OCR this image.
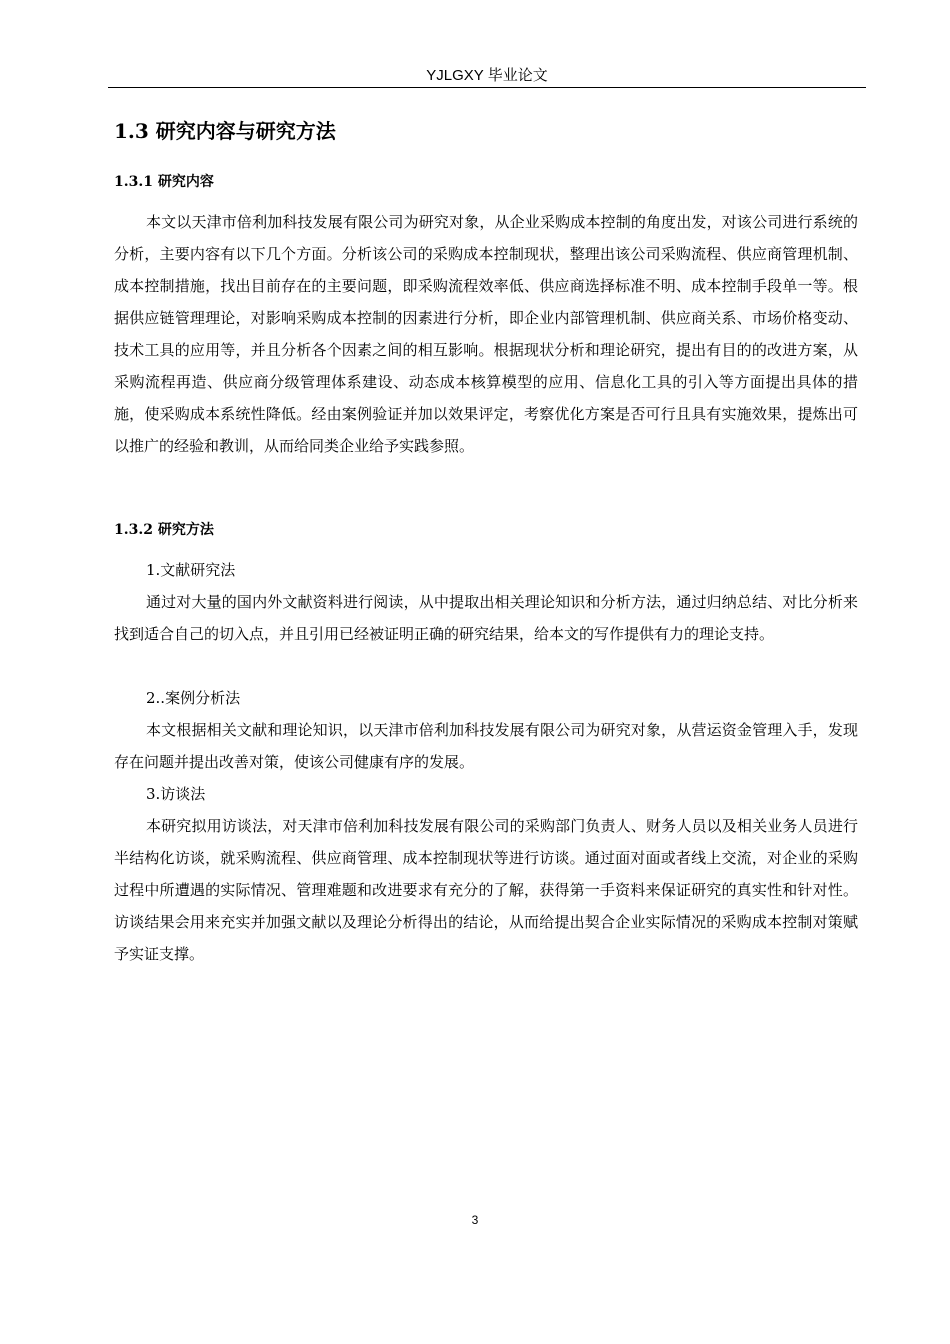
YJLGXY 毕业论文
1.3 研究内容与研究方法
1.3.1 研究内容

本文以天津市倍利加科技发展有限公司为研究对象，从企业采购成本控制的角度出发，对该公司进行系统的分析，主要内容有以下几个方面。分析该公司的采购成本控制现状，整理出该公司采购流程、供应商管理机制、成本控制措施，找出目前存在的主要问题，即采购流程效率低、供应商选择标准不明、成本控制手段单一等。根据供应链管理理论，对影响采购成本控制的因素进行分析，即企业内部管理机制、供应商关系、市场价格变动、技术工具的应用等，并且分析各个因素之间的相互影响。根据现状分析和理论研究，提出有目的的改进方案，从采购流程再造、供应商分级管理体系建设、动态成本核算模型的应用、信息化工具的引入等方面提出具体的措施，使采购成本系统性降低。经由案例验证并加以效果评定，考察优化方案是否可行且具有实施效果，提炼出可以推广的经验和教训，从而给同类企业给予实践参照。

1.3.2 研究方法
1.文献研究法

通过对大量的国内外文献资料进行阅读，从中提取出相关理论知识和分析方法，通过归纳总结、对比分析来找到适合自己的切入点，并且引用已经被证明正确的研究结果，给本文的写作提供有力的理论支持。

2..案例分析法

本文根据相关文献和理论知识，以天津市倍利加科技发展有限公司为研究对象，从营运资金管理入手，发现存在问题并提出改善对策，使该公司健康有序的发展。

3.访谈法

本研究拟用访谈法，对天津市倍利加科技发展有限公司的采购部门负责人、财务人员以及相关业务人员进行半结构化访谈，就采购流程、供应商管理、成本控制现状等进行访谈。通过面对面或者线上交流，对企业的采购过程中所遭遇的实际情况、管理难题和改进要求有充分的了解，获得第一手资料来保证研究的真实性和针对性。访谈结果会用来充实并加强文献以及理论分析得出的结论，从而给提出契合企业实际情况的采购成本控制对策赋予实证支撑。

3
